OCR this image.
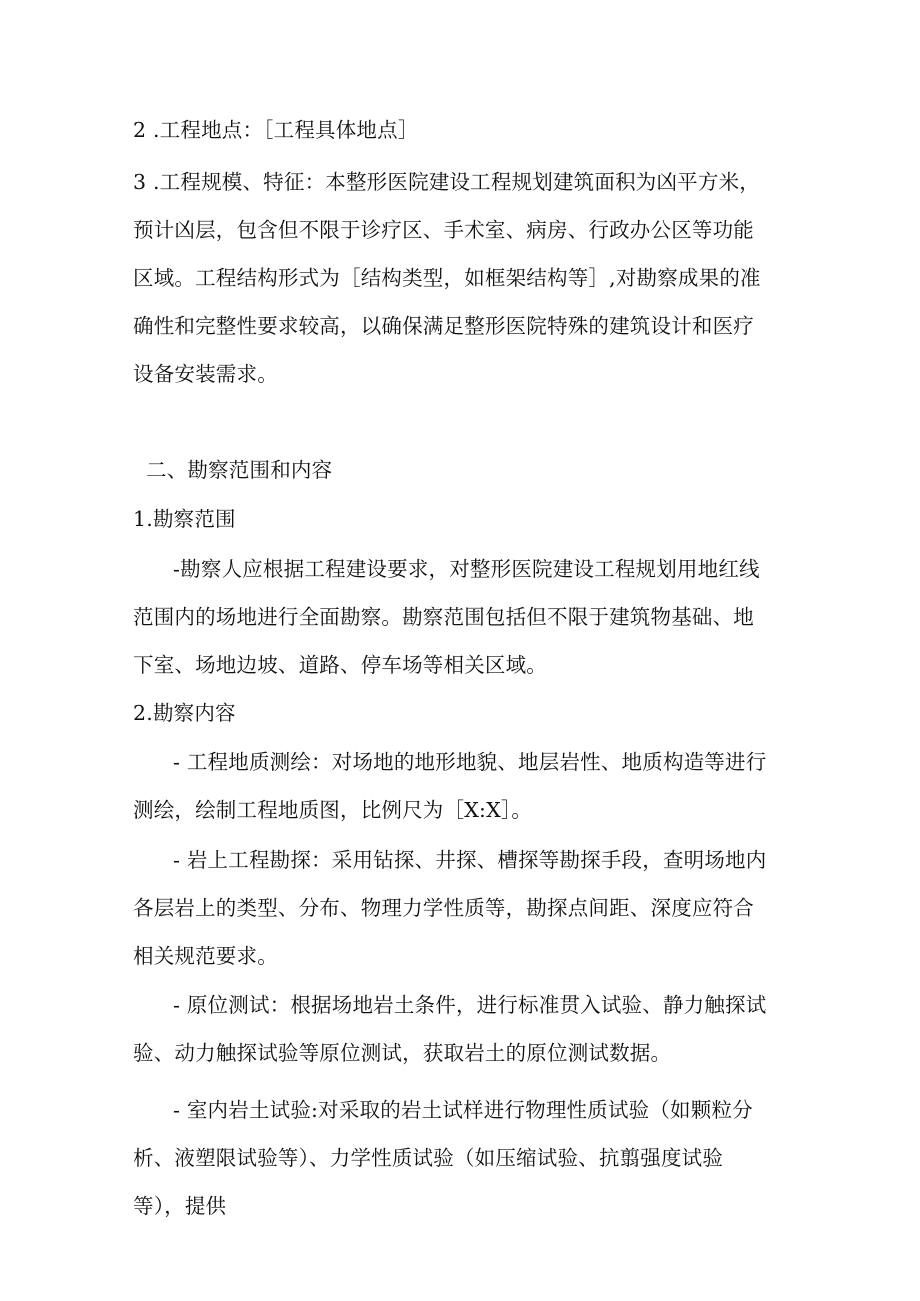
2 .工程地点：［工程具体地点］

3 .工程规模、特征：本整形医院建设工程规划建筑面积为凶平方米，预计凶层，包含但不限于诊疗区、手术室、病房、行政办公区等功能区域。工程结构形式为［结构类型，如框架结构等］,对勘察成果的准确性和完整性要求较高，以确保满足整形医院特殊的建筑设计和医疗设备安装需求。

二、勘察范围和内容

1.勘察范围

-勘察人应根据工程建设要求，对整形医院建设工程规划用地红线范围内的场地进行全面勘察。勘察范围包括但不限于建筑物基础、地下室、场地边坡、道路、停车场等相关区域。

2.勘察内容

- 工程地质测绘：对场地的地形地貌、地层岩性、地质构造等进行测绘，绘制工程地质图，比例尺为［X:X］。

- 岩上工程勘探：采用钻探、井探、槽探等勘探手段，查明场地内各层岩上的类型、分布、物理力学性质等，勘探点间距、深度应符合相关规范要求。

- 原位测试：根据场地岩土条件，进行标准贯入试验、静力触探试验、动力触探试验等原位测试，获取岩土的原位测试数据。

- 室内岩土试验:对采取的岩土试样进行物理性质试验（如颗粒分析、液塑限试验等）、力学性质试验（如压缩试验、抗翦强度试验等），提供
